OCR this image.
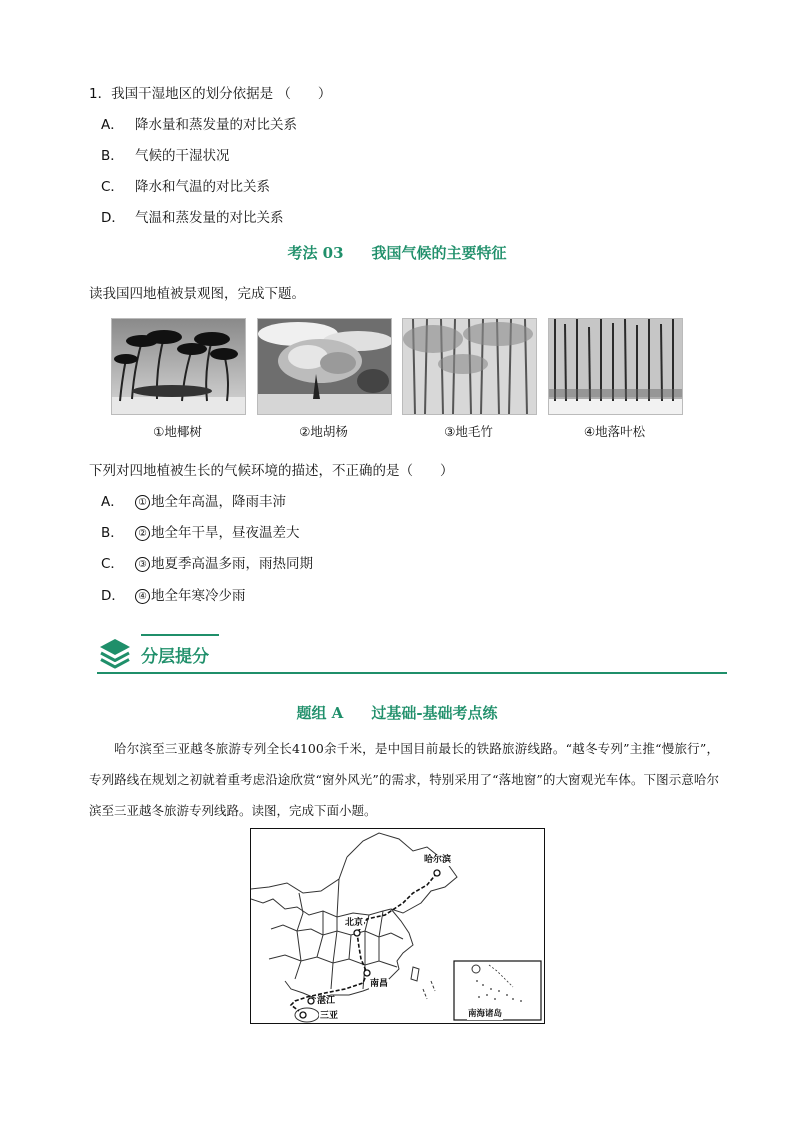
1．我国干湿地区的划分依据是 （　　）
A． 降水量和蒸发量的对比关系
B． 气候的干湿状况
C． 降水和气温的对比关系
D． 气温和蒸发量的对比关系
考法 03 我国气候的主要特征
读我国四地植被景观图，完成下题。
①地椰树	②地胡杨	③地毛竹	④地落叶松
下列对四地植被生长的气候环境的描述，不正确的是（　　）
A． ① 地全年高温，降雨丰沛
B． ② 地全年干旱，昼夜温差大
C． ③ 地夏季高温多雨，雨热同期
D． ④ 地全年寒冷少雨
分层提分
题组 A 过基础-基础考点练
哈尔滨至三亚越冬旅游专列全长4100余千米，是中国目前最长的铁路旅游线路。“越冬专列”主推“慢旅行”，专列路线在规划之初就着重考虑沿途欣赏“窗外风光”的需求，特别采用了“落地窗”的大窗观光车体。下图示意哈尔滨至三亚越冬旅游专列线路。读图，完成下面小题。
哈尔滨
北京
南昌
湛江
三亚	南海诸岛
